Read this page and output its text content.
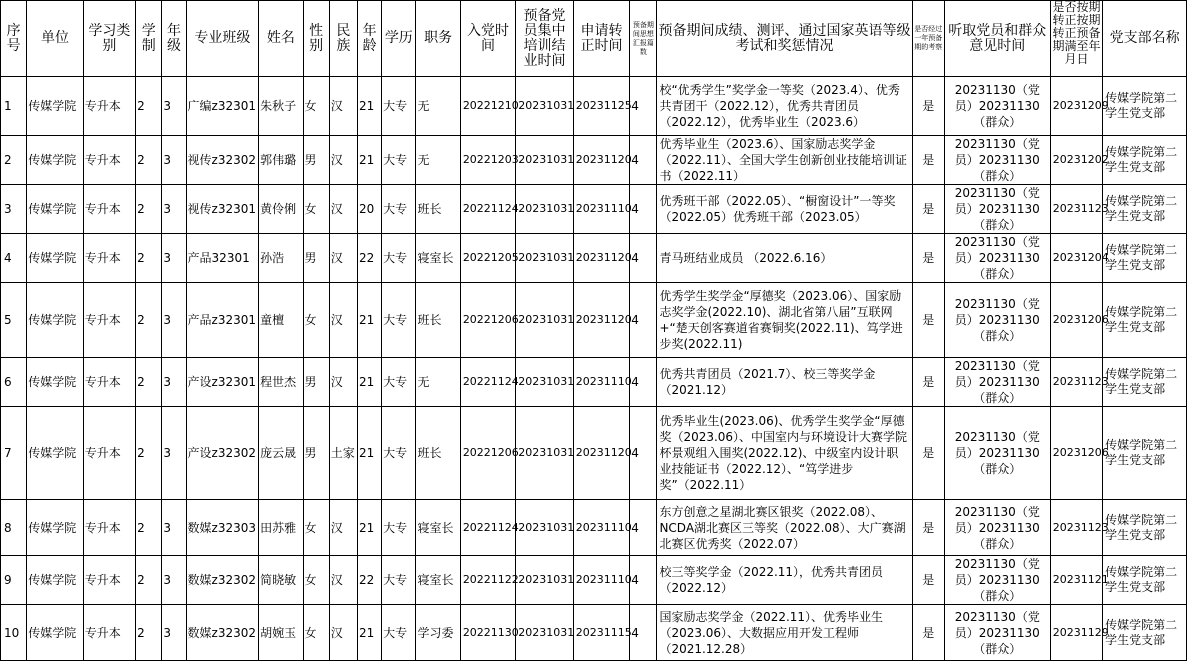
序号	单位	学习类别	学制	年级	专业班级	姓名	性别	民族	年龄	学历	职务	入党时间	预备党员集中培训结业时间	申请转正时间	预备期间思想汇报篇数	预备期间成绩、测评、通过国家英语等级考试和奖惩情况	是否经过一年预备期的考察	听取党员和群众意见时间	是否按期转正按期转正预备期满至年月日	党支部名称
1	传媒学院	专升本	2	3	广编z32301	朱秋子	女	汉	21	大专	无	20221210	20231031	20231125	4	校“优秀学生”奖学金一等奖（2023.4）、优秀共青团干（2022.12），优秀共青团员（2022.12），优秀毕业生（2023.6）	是	20231130（党员）20231130（群众）	20231209	传媒学院第二学生党支部
2	传媒学院	专升本	2	3	视传z32302	郭伟璐	男	汉	21	大专	无	20221203	20231031	20231120	4	优秀毕业生（2023.6）、国家励志奖学金（2022.11）、全国大学生创新创业技能培训证书（2022.11）	是	20231130（党员）20231130（群众）	20231202	传媒学院第二学生党支部
3	传媒学院	专升本	2	3	视传z32301	黄伶俐	女	汉	20	大专	班长	20221124	20231031	20231110	4	优秀班干部（2022.05）、“橱窗设计”一等奖（2022.05）优秀班干部（2023.05）	是	20231130（党员）20231130（群众）	20231123	传媒学院第二学生党支部
4	传媒学院	专升本	2	3	产品32301	孙浩	男	汉	22	大专	寝室长	20221205	20231031	20231120	4	青马班结业成员 （2022.6.16）	是	20231130（党员）20231130（群众）	20231204	传媒学院第二学生党支部
5	传媒学院	专升本	2	3	产品z32301	童檀	女	汉	21	大专	班长	20221206	20231031	20231120	4	优秀学生奖学金“厚德奖（2023.06）、国家励志奖学金(2022.10)、湖北省第八届”互联网+“楚天创客赛道省赛铜奖(2022.11)、笃学进步奖(2022.11)	是	20231130（党员）20231130（群众）	20231206	传媒学院第二学生党支部
6	传媒学院	专升本	2	3	产设z32301	程世杰	男	汉	21	大专	无	20221124	20231031	20231110	4	优秀共青团员（2021.7）、校三等奖学金（2021.12）	是	20231130（党员）20231130（群众）	20231123	传媒学院第二学生党支部
7	传媒学院	专升本	2	3	产设z32302	庞云晟	男	土家	21	大专	班长	20221206	20231031	20231120	4	优秀毕业生(2023.06)、优秀学生奖学金“厚德奖（2023.06）、中国室内与环境设计大赛学院杯景观组入围奖(2022.12)、中级室内设计职业技能证书（2022.12）、“笃学进步奖”（2022.11）	是	20231130（党员）20231130（群众）	20231206	传媒学院第二学生党支部
8	传媒学院	专升本	2	3	数媒z32303	田苏雅	女	汉	21	大专	寝室长	20221124	20231031	20231110	4	东方创意之星湖北赛区银奖（2022.08）、NCDA湖北赛区三等奖（2022.08）、大广赛湖北赛区优秀奖（2022.07）	是	20231130（党员）20231130（群众）	20231123	传媒学院第二学生党支部
9	传媒学院	专升本	2	3	数媒z32302	简晓敏	女	汉	22	大专	寝室长	20221122	20231031	20231110	4	校三等奖学金（2022.11），优秀共青团员（2022.12）	是	20231130（党员）20231130（群众）	20231121	传媒学院第二学生党支部
10	传媒学院	专升本	2	3	数媒z32302	胡婉玉	女	汉	21	大专	学习委	20221130	20231031	20231115	4	国家励志奖学金（2022.11）、优秀毕业生（2023.06）、大数据应用开发工程师（2021.12.28）	是	20231130（党员）20231130（群众）	20231129	传媒学院第二学生党支部
